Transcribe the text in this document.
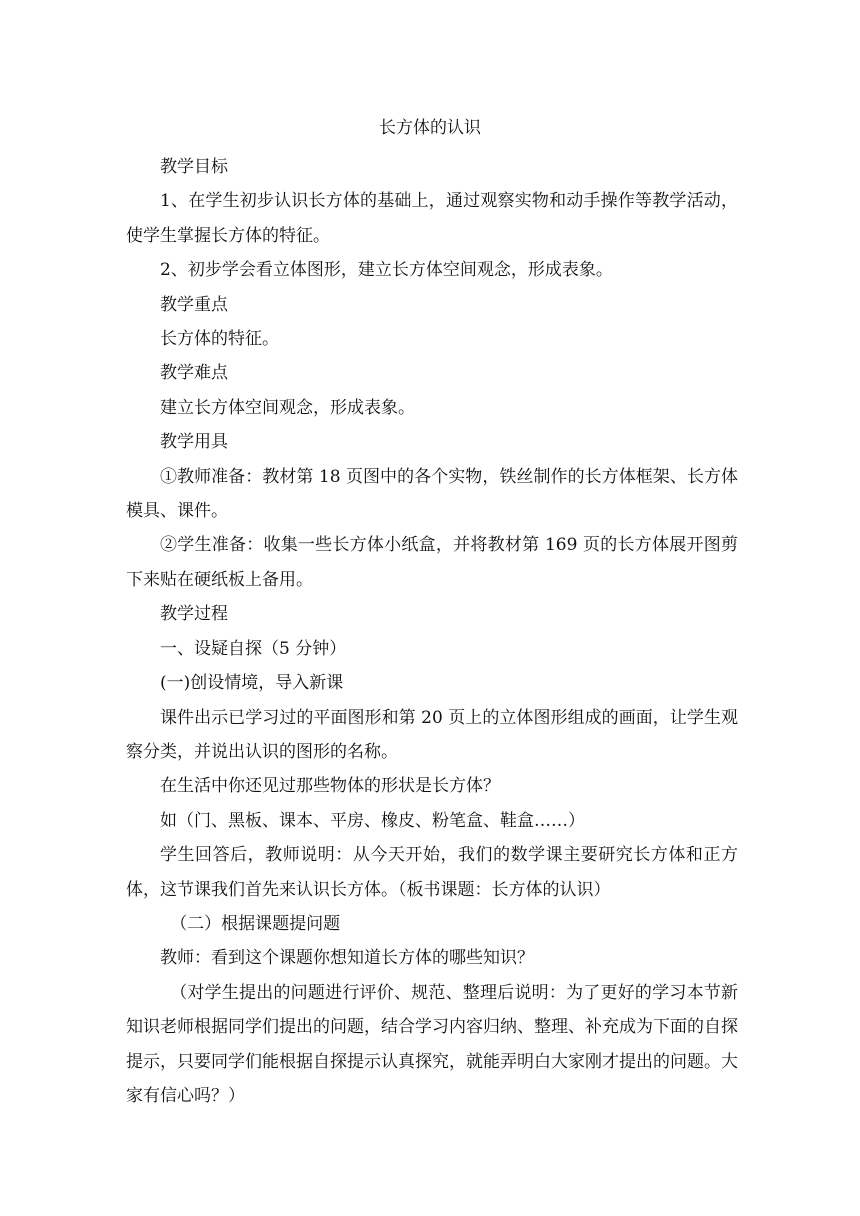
长方体的认识

教学目标

1、在学生初步认识长方体的基础上，通过观察实物和动手操作等教学活动，使学生掌握长方体的特征。

2、初步学会看立体图形，建立长方体空间观念，形成表象。

教学重点

长方体的特征。

教学难点

建立长方体空间观念，形成表象。

教学用具

①教师准备：教材第 18 页图中的各个实物，铁丝制作的长方体框架、长方体模具、课件。

②学生准备：收集一些长方体小纸盒，并将教材第 169 页的长方体展开图剪下来贴在硬纸板上备用。

教学过程

一、设疑自探（5 分钟）

(一)创设情境，导入新课

课件出示已学习过的平面图形和第 20 页上的立体图形组成的画面，让学生观察分类，并说出认识的图形的名称。

在生活中你还见过那些物体的形状是长方体？

如（门、黑板、课本、平房、橡皮、粉笔盒、鞋盒……）

学生回答后，教师说明：从今天开始，我们的数学课主要研究长方体和正方体，这节课我们首先来认识长方体。（板书课题：长方体的认识）

（二）根据课题提问题

教师：看到这个课题你想知道长方体的哪些知识？

（对学生提出的问题进行评价、规范、整理后说明：为了更好的学习本节新知识老师根据同学们提出的问题，结合学习内容归纳、整理、补充成为下面的自探提示，只要同学们能根据自探提示认真探究，就能弄明白大家刚才提出的问题。大家有信心吗？）
